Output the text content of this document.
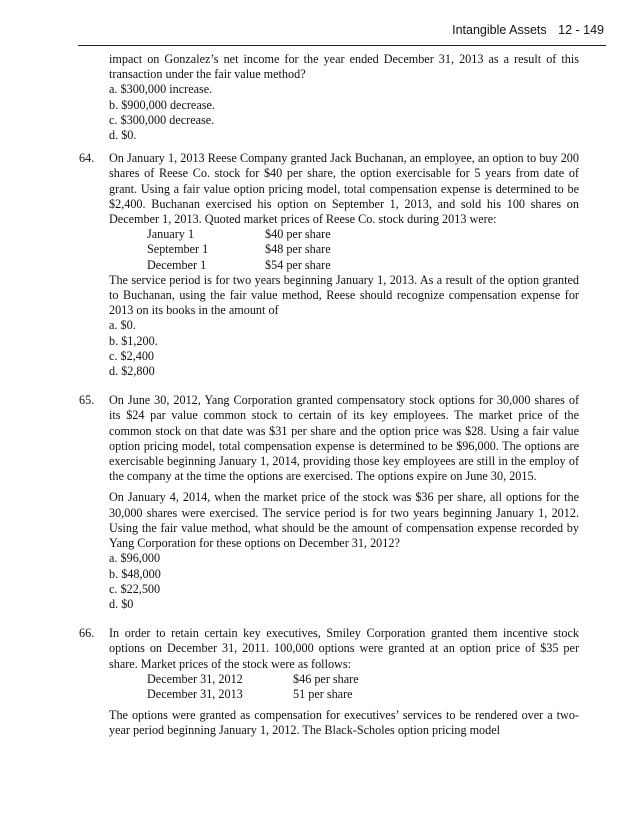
Intangible Assets 12 - 149
impact on Gonzalez’s net income for the year ended December 31, 2013 as a result of this transaction under the fair value method?
a. $300,000 increase.
b. $900,000 decrease.
c. $300,000 decrease.
d. $0.
64. On January 1, 2013 Reese Company granted Jack Buchanan, an employee, an option to buy 200 shares of Reese Co. stock for $40 per share, the option exercisable for 5 years from date of grant. Using a fair value option pricing model, total compensation expense is determined to be $2,400. Buchanan exercised his option on September 1, 2013, and sold his 100 shares on December 1, 2013. Quoted market prices of Reese Co. stock during 2013 were:
January 1	$40 per share
September 1	$48 per share
December 1	$54 per share
The service period is for two years beginning January 1, 2013. As a result of the option granted to Buchanan, using the fair value method, Reese should recognize compensation expense for 2013 on its books in the amount of
a. $0.
b. $1,200.
c. $2,400
d. $2,800
65. On June 30, 2012, Yang Corporation granted compensatory stock options for 30,000 shares of its $24 par value common stock to certain of its key employees. The market price of the common stock on that date was $31 per share and the option price was $28. Using a fair value option pricing model, total compensation expense is determined to be $96,000. The options are exercisable beginning January 1, 2014, providing those key employees are still in the employ of the company at the time the options are exercised. The options expire on June 30, 2015.
On January 4, 2014, when the market price of the stock was $36 per share, all options for the 30,000 shares were exercised. The service period is for two years beginning January 1, 2012. Using the fair value method, what should be the amount of compensation expense recorded by Yang Corporation for these options on December 31, 2012?
a. $96,000
b. $48,000
c. $22,500
d. $0
66. In order to retain certain key executives, Smiley Corporation granted them incentive stock options on December 31, 2011. 100,000 options were granted at an option price of $35 per share. Market prices of the stock were as follows:
December 31, 2012	$46 per share
December 31, 2013	51 per share
The options were granted as compensation for executives’ services to be rendered over a two-year period beginning January 1, 2012. The Black-Scholes option pricing model
